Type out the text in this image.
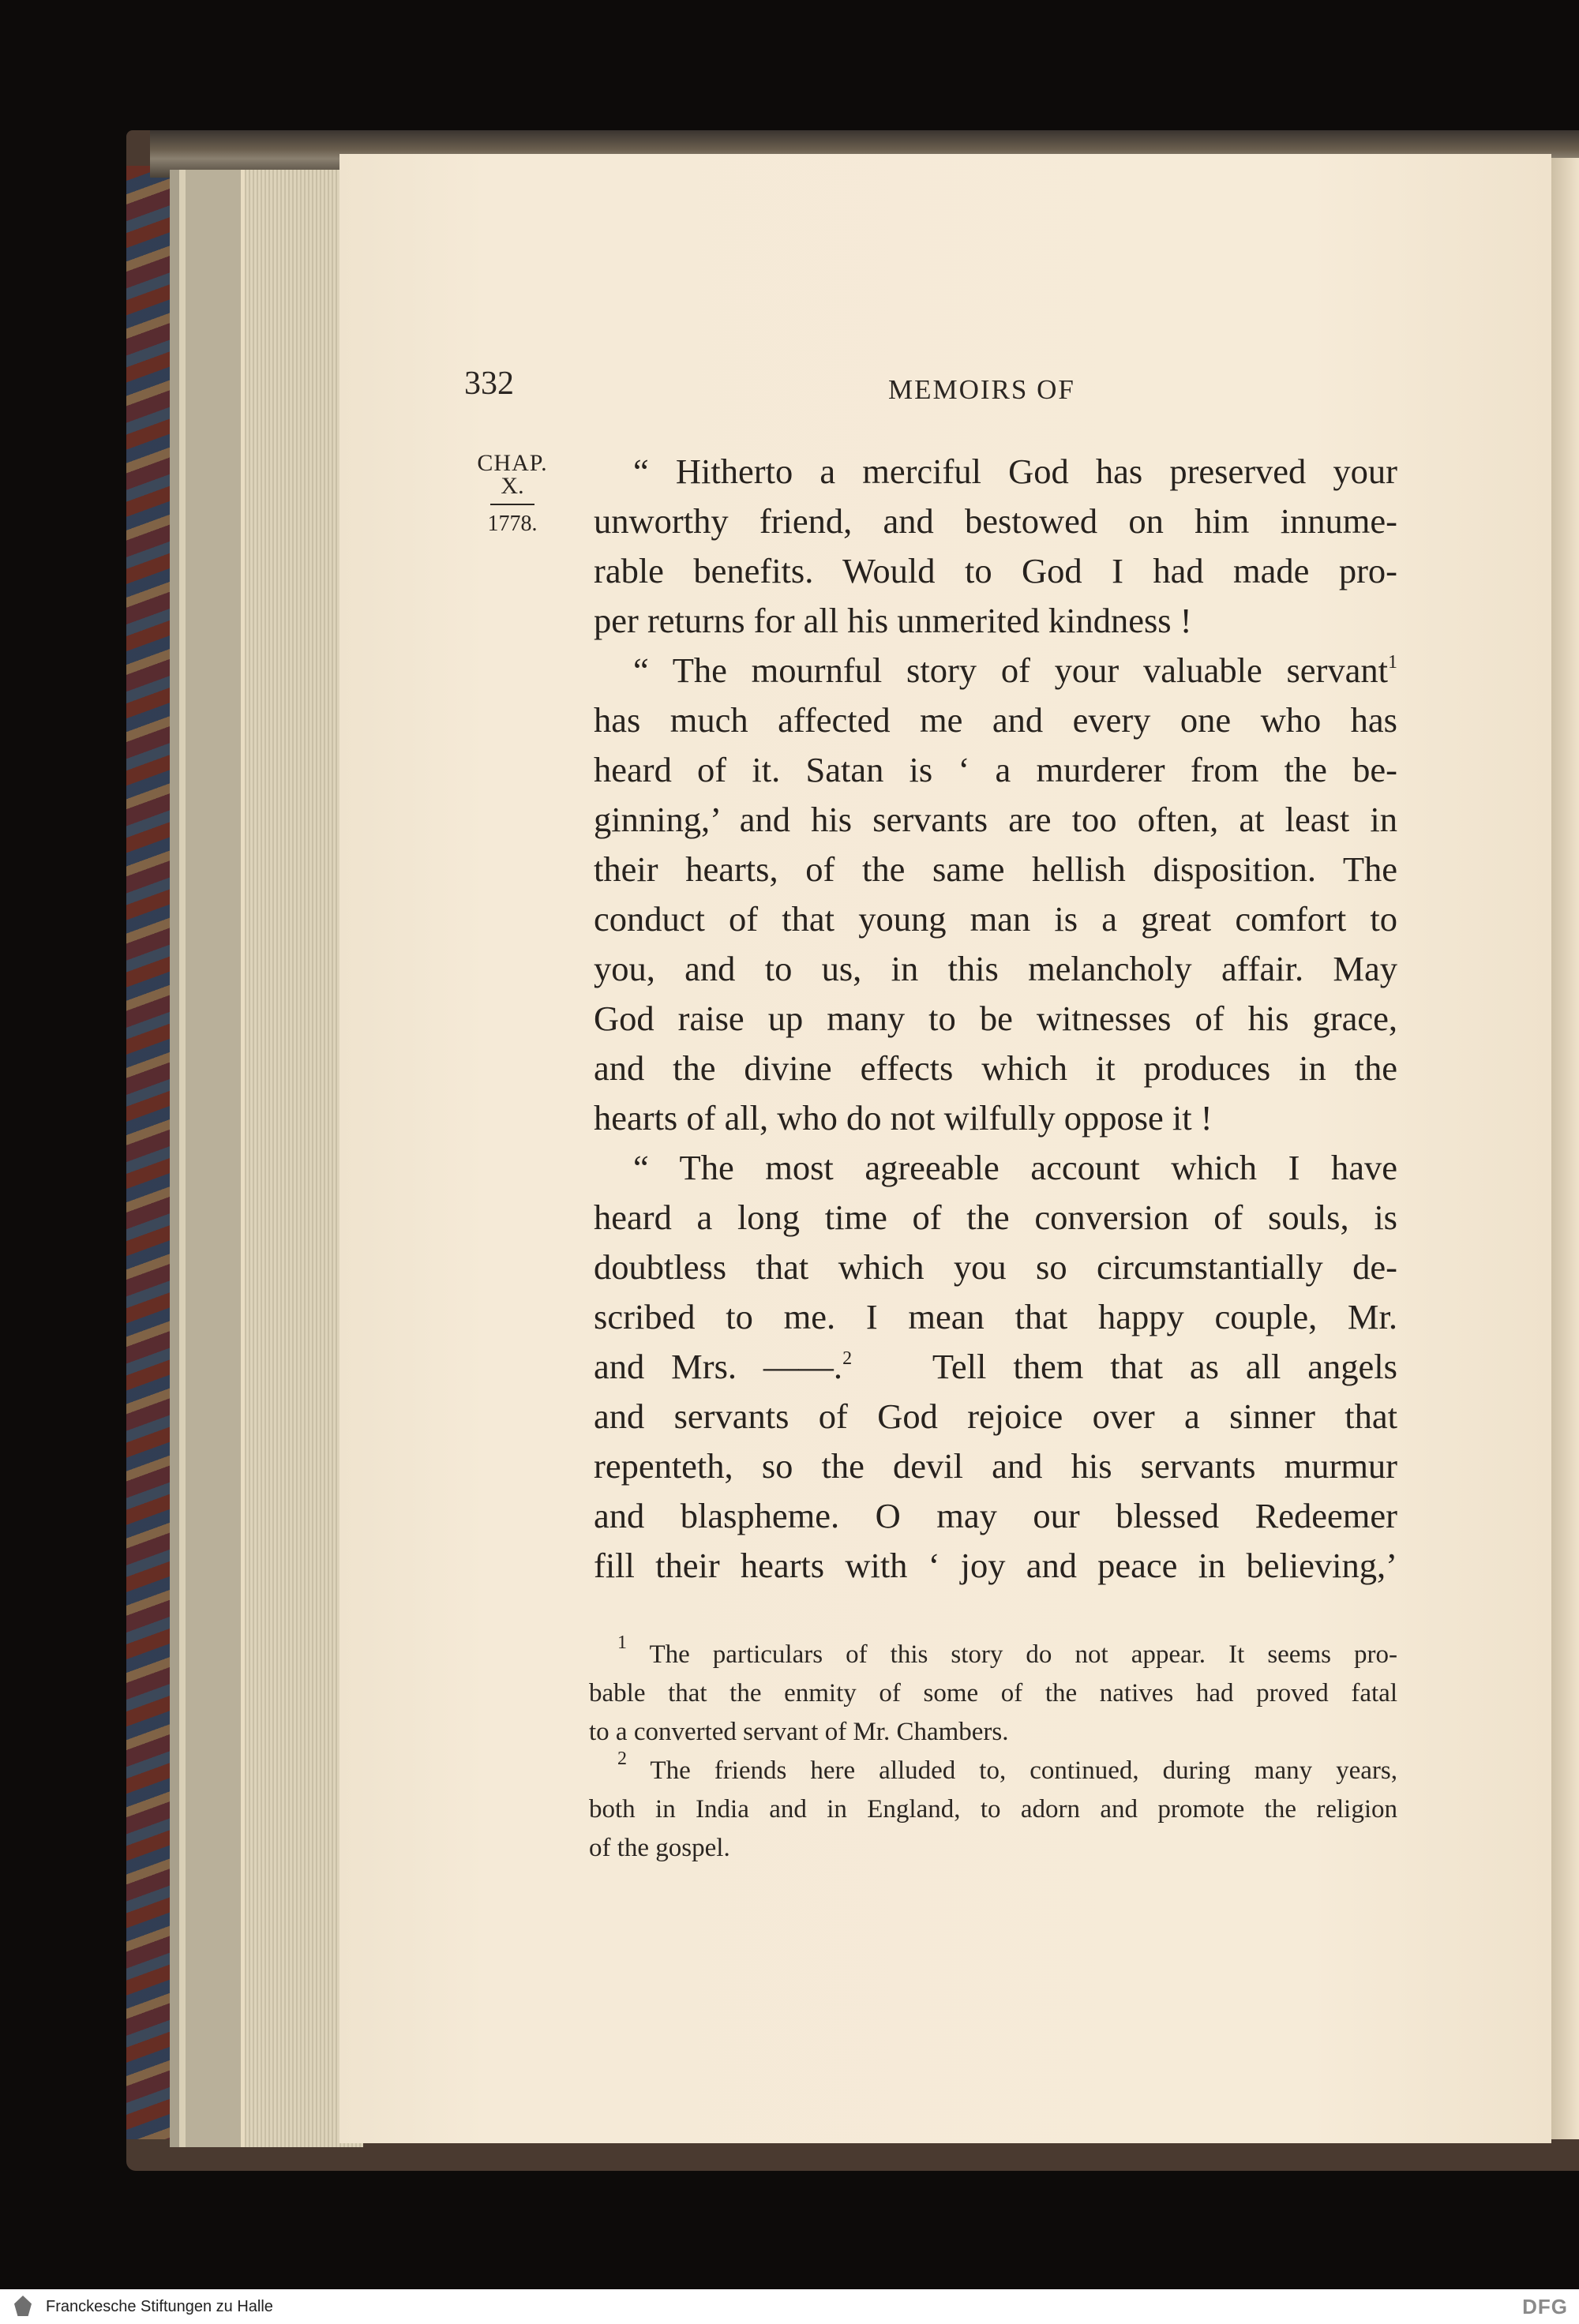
332	MEMOIRS OF
CHAP.
X.
1778.
“ Hitherto a merciful God has preserved your
unworthy friend, and bestowed on him innume-
rable benefits. Would to God I had made pro-
per returns for all his unmerited kindness !
“ The mournful story of your valuable servant$^1$
has much affected me and every one who has
heard of it. Satan is ‘ a murderer from the be-
ginning,’ and his servants are too often, at least in
their hearts, of the same hellish disposition. The
conduct of that young man is a great comfort to
you, and to us, in this melancholy affair. May
God raise up many to be witnesses of his grace,
and the divine effects which it produces in the
hearts of all, who do not wilfully oppose it !
“ The most agreeable account which I have
heard a long time of the conversion of souls, is
doubtless that which you so circumstantially de-
scribed to me. I mean that happy couple, Mr.
and Mrs. ——.$^2$ Tell them that as all angels
and servants of God rejoice over a sinner that
repenteth, so the devil and his servants murmur
and blaspheme. O may our blessed Redeemer
fill their hearts with ‘ joy and peace in believing,’
$^1$ The particulars of this story do not appear. It seems pro-
bable that the enmity of some of the natives had proved fatal
to a converted servant of Mr. Chambers.
$^2$ The friends here alluded to, continued, during many years,
both in India and in England, to adorn and promote the religion
of the gospel.
Franckesche Stiftungen zu Halle	DFG
